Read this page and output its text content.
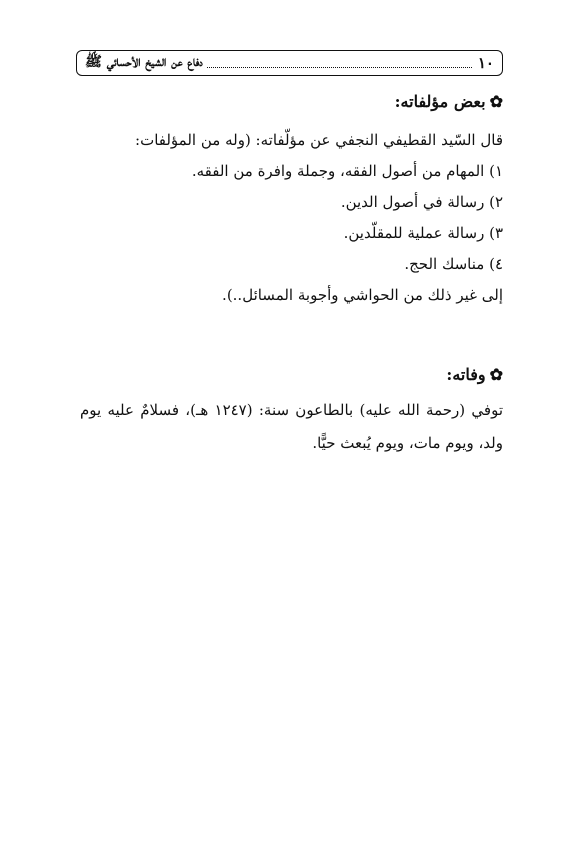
١٠
دفاع عن الشيخ الأحسائي ﷺ
✿
بعض مؤلفاته:
قال السّيد القطيفي النجفي عن مؤلّفاته: (وله من المؤلفات:
١) المهام من أصول الفقه، وجملة وافرة من الفقه.
٢) رسالة في أصول الدين.
٣) رسالة عملية للمقلّدين.
٤) مناسك الحج.
إلى غير ذلك من الحواشي وأجوبة المسائل..).
✿
وفاته:
توفي (رحمة الله عليه) بالطاعون سنة: (١٢٤٧ هـ)، فسلامٌ عليه يوم
ولد، ويوم مات، ويوم يُبعث حيًّا.
